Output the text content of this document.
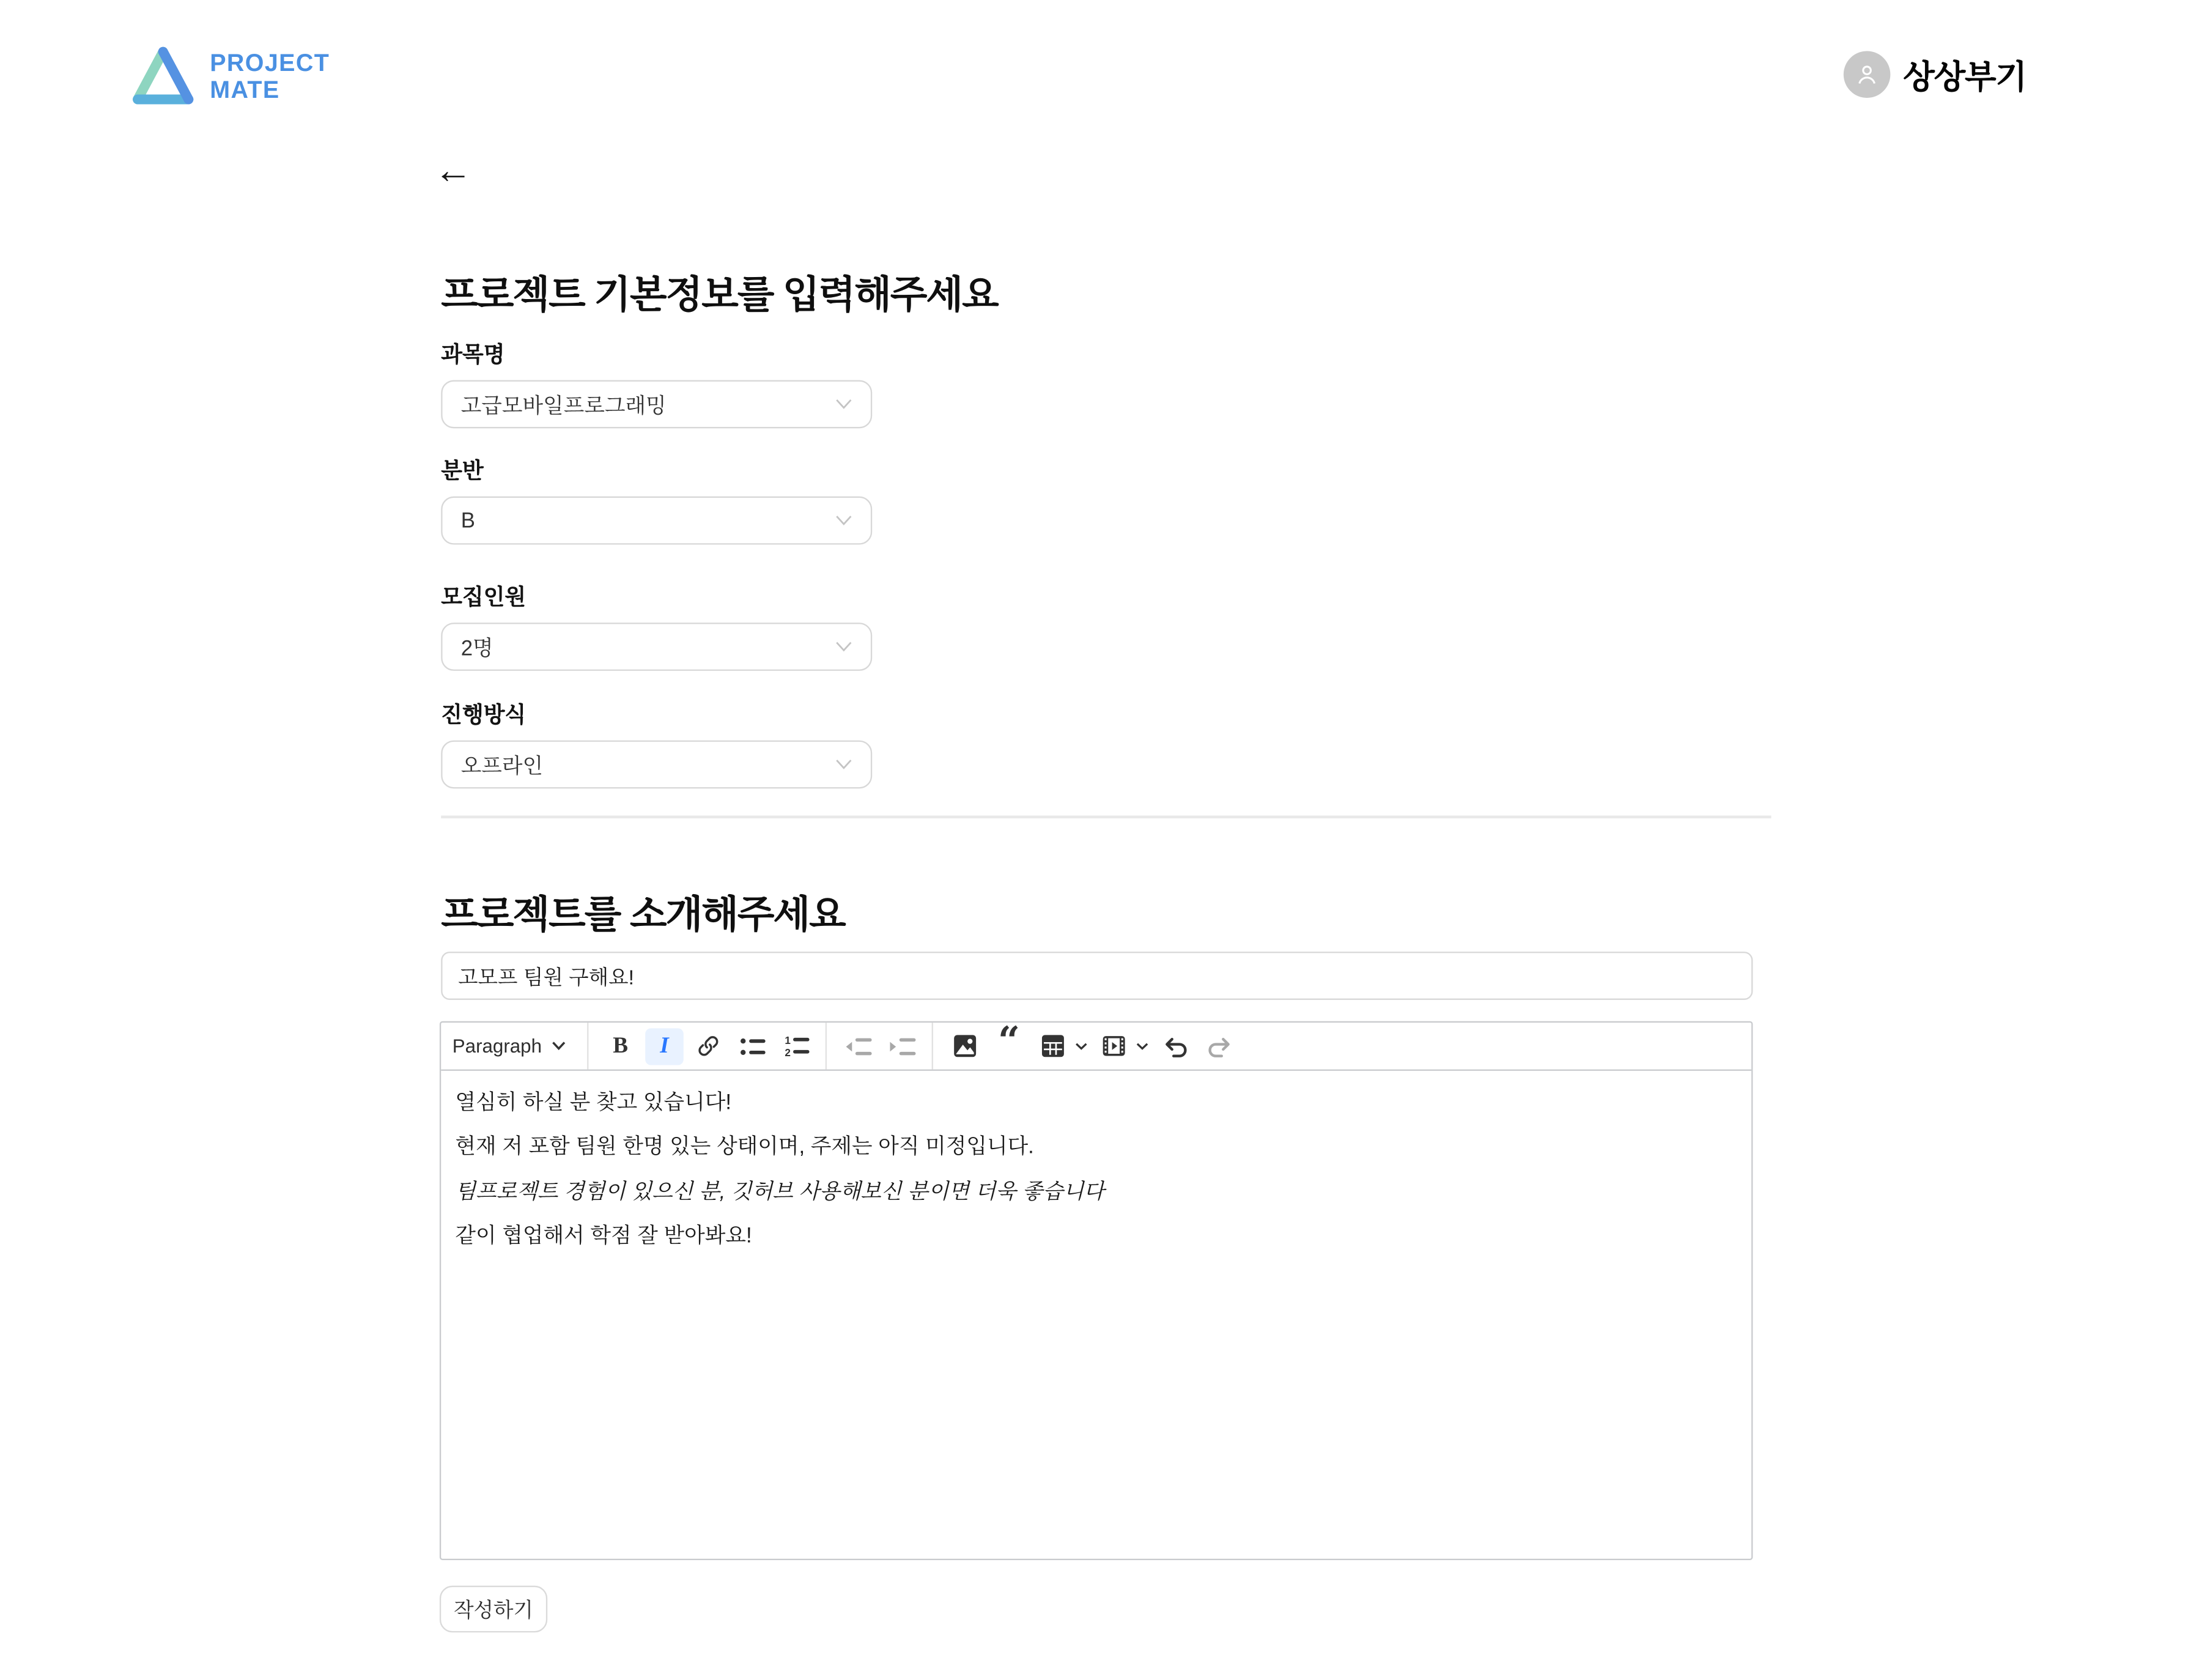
PROJECT
MATE	상상부기
←
프로젝트 기본정보를 입력해주세요
과목명
고급모바일프로그래밍
분반
B
모집인원
2명
진행방식
오프라인
프로젝트를 소개해주세요
고모프 팀원 구해요!
Paragraph	B	I	1
2	“

열심히 하실 분 찾고 있습니다!

현재 저 포함 팀원 한명 있는 상태이며, 주제는 아직 미정입니다.

팀프로젝트 경험이 있으신 분, 깃허브 사용해보신 분이면 더욱 좋습니다

같이 협업해서 학점 잘 받아봐요!

작성하기
